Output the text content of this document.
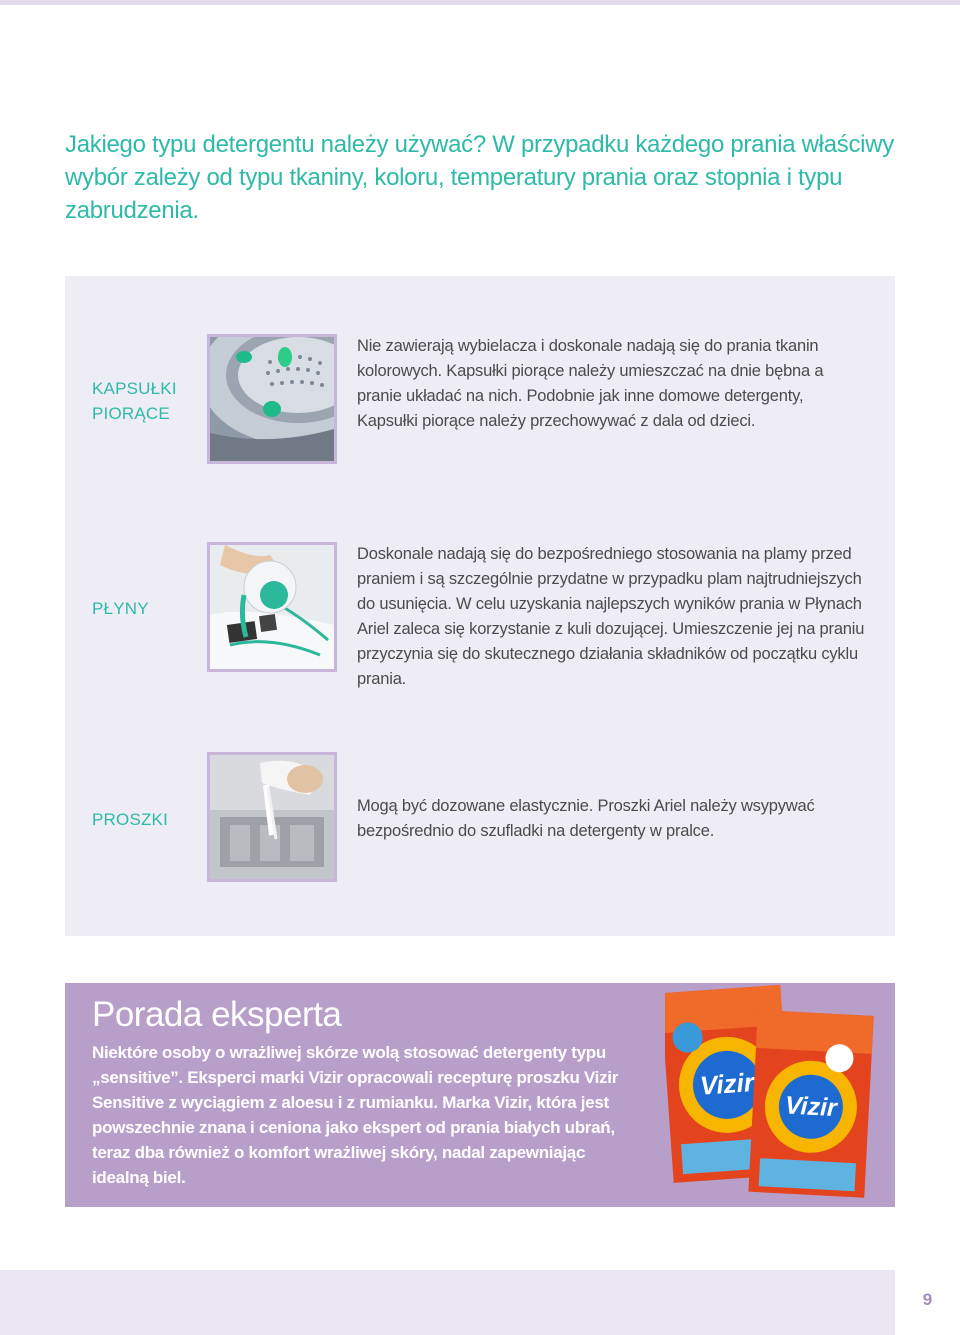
Jakiego typu detergentu należy używać? W przypadku każdego prania właściwy wybór zależy od typu tkaniny, koloru, temperatury prania oraz stopnia i typu zabrudzenia.
KAPSUŁKI PIORĄCE
Nie zawierają wybielacza i doskonale nadają się do prania tkanin kolorowych. Kapsułki piorące należy umieszczać na dnie bębna a pranie układać na nich. Podobnie jak inne domowe detergenty, Kapsułki piorące należy przechowywać z dala od dzieci.
PŁYNY
Doskonale nadają się do bezpośredniego stosowania na plamy przed praniem i są szczególnie przydatne w przypadku plam najtrudniejszych do usunięcia. W celu uzyskania najlepszych wyników prania w Płynach Ariel zaleca się korzystanie z kuli dozującej. Umieszczenie jej na praniu przyczynia się do skutecznego działania składników od początku cyklu prania.
PROSZKI
Mogą być dozowane elastycznie. Proszki Ariel należy wsypywać bezpośrednio do szufladki na detergenty w pralce.
Porada eksperta
Niektóre osoby o wrażliwej skórze wolą stosować detergenty typu „sensitive”. Eksperci marki Vizir opracowali recepturę proszku Vizir Sensitive z wyciągiem z aloesu i z rumianku. Marka Vizir, która jest powszechnie znana i ceniona jako ekspert od prania białych ubrań, teraz dba również o komfort wrażliwej skóry, nadal zapewniając idealną biel.
Vizir
Vizir
9
